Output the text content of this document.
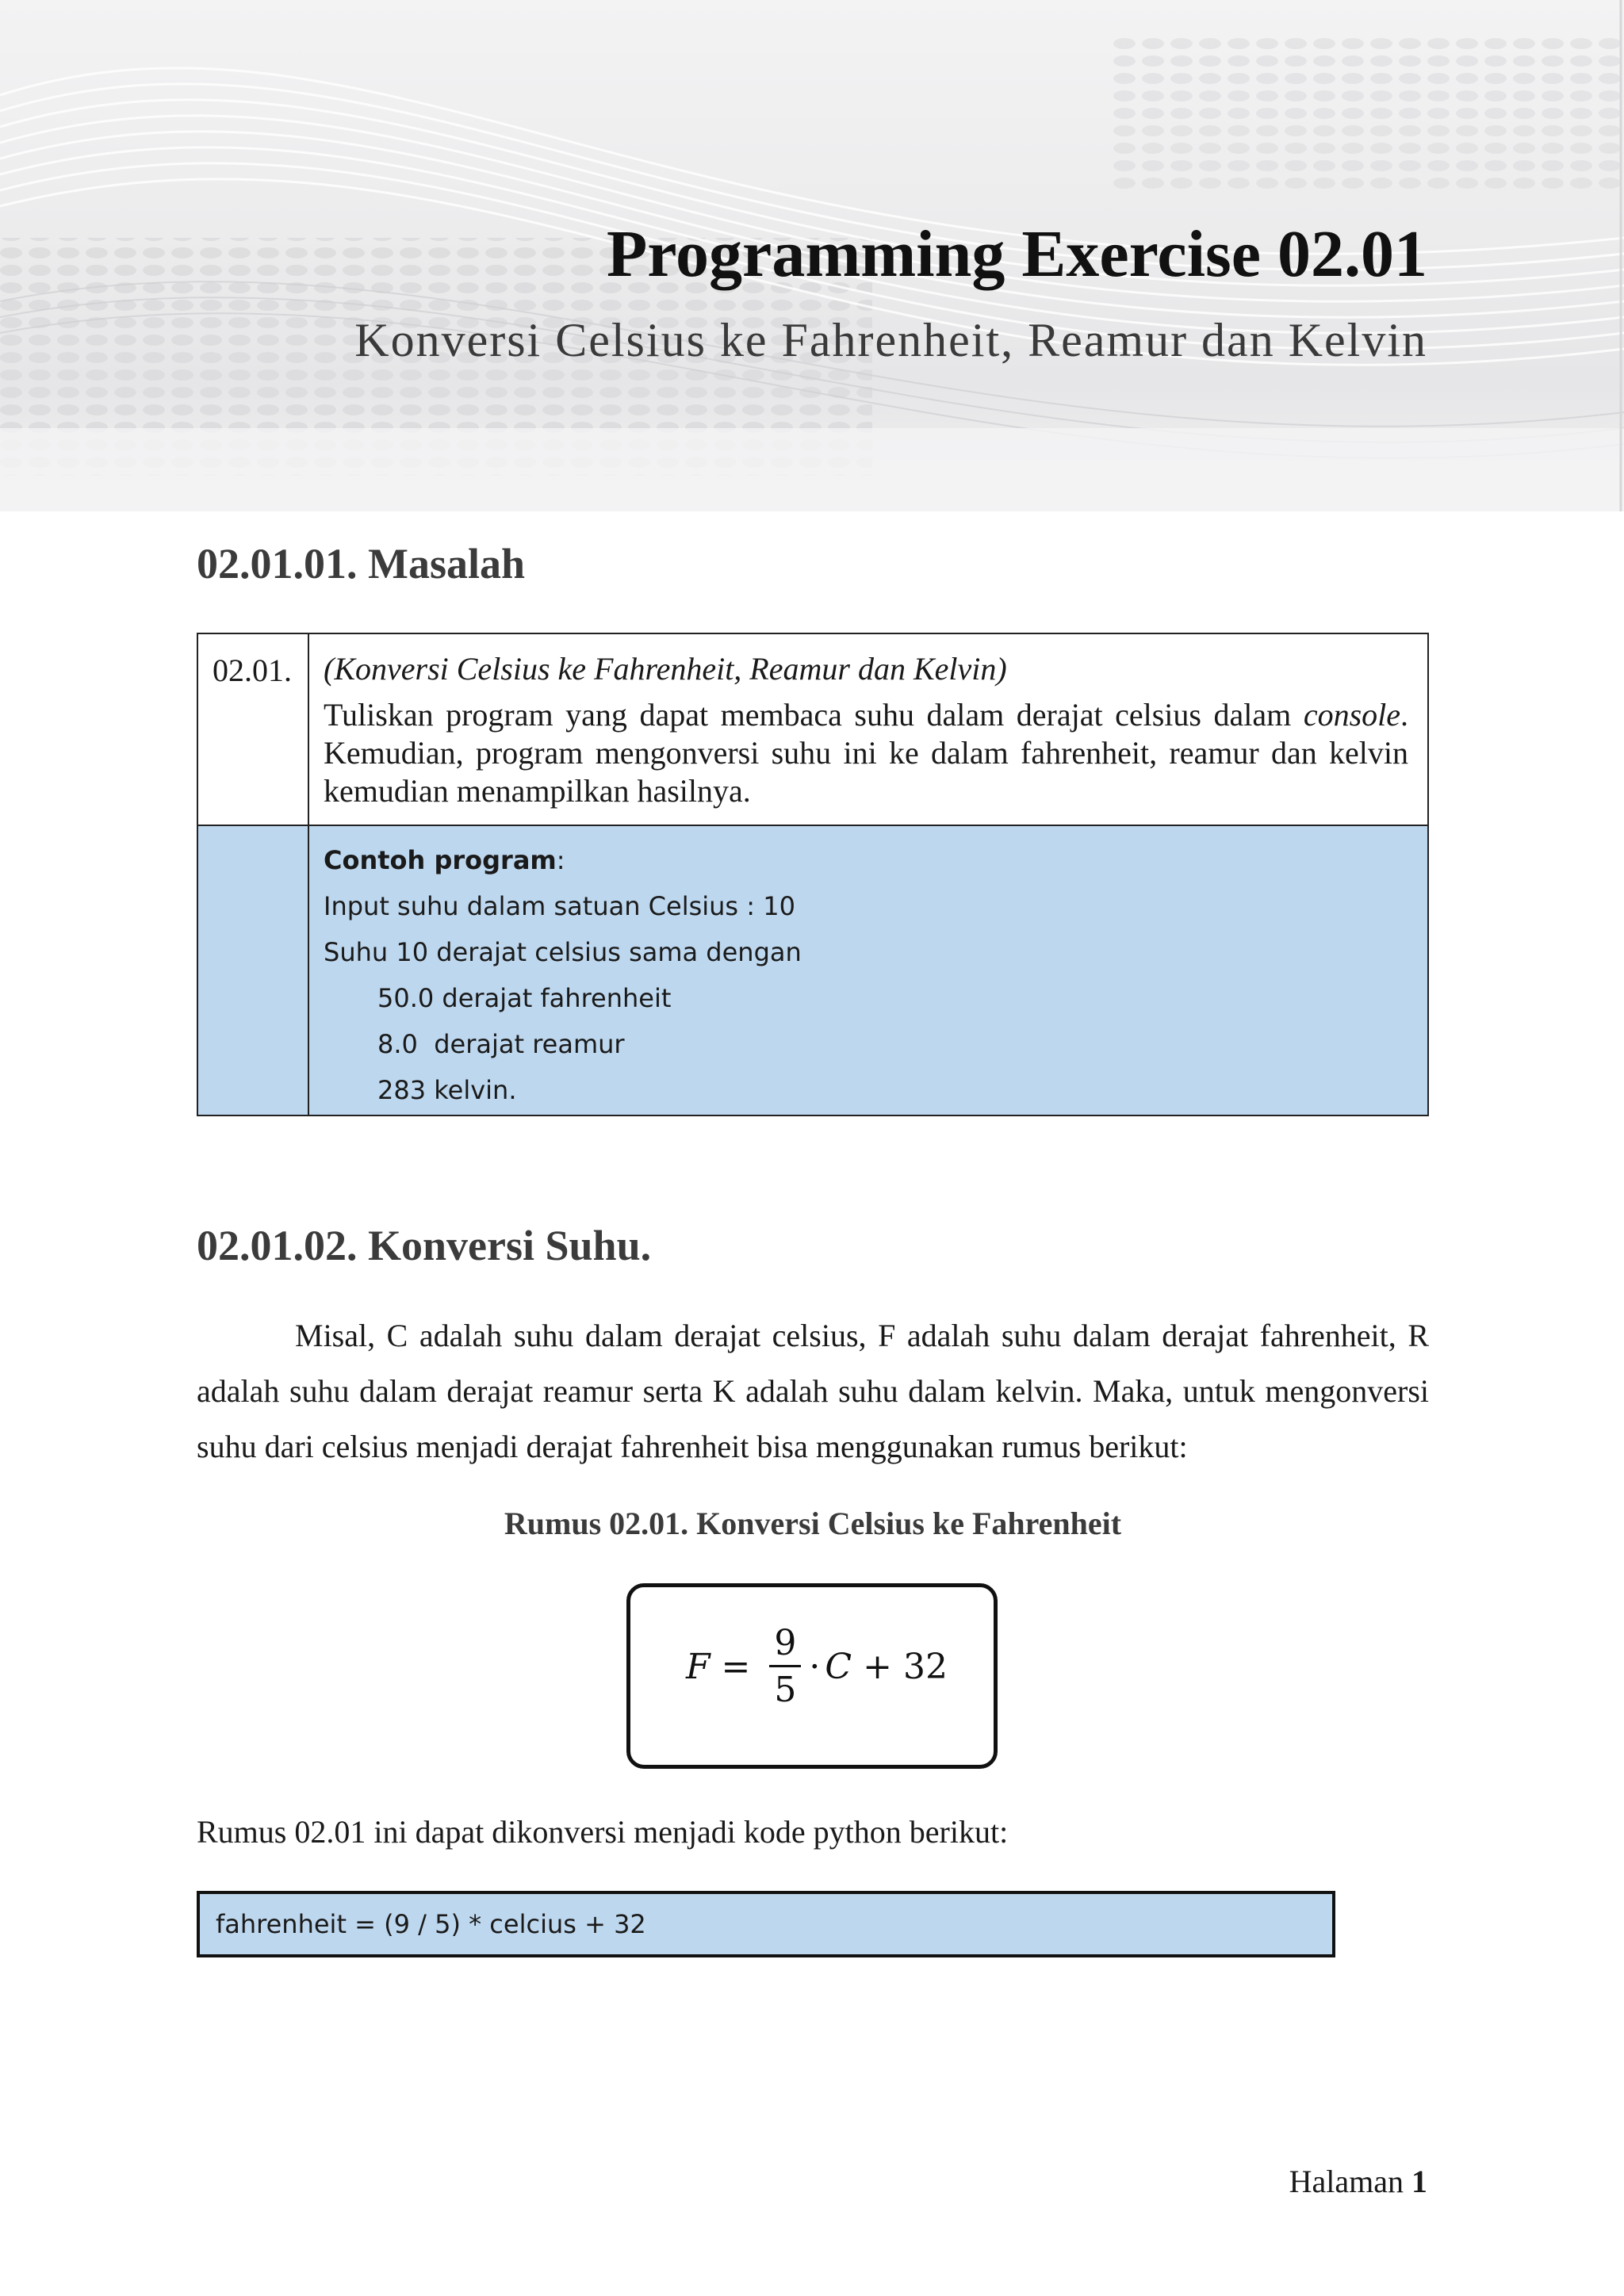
Programming Exercise 02.01
Konversi Celsius ke Fahrenheit, Reamur dan Kelvin
02.01.01. Masalah
02.01.	(Konversi Celsius ke Fahrenheit, Reamur dan Kelvin)

Tuliskan program yang dapat membaca suhu dalam derajat celsius dalam console. Kemudian, program mengonversi suhu ini ke dalam fahrenheit, reamur dan kelvin kemudian menampilkan hasilnya.

Contoh program:
Input suhu dalam satuan Celsius : 10
Suhu 10 derajat celsius sama dengan
50.0 derajat fahrenheit
8.0  derajat reamur
283 kelvin.
02.01.02. Konversi Suhu.

Misal, C adalah suhu dalam derajat celsius, F adalah suhu dalam derajat fahrenheit, R adalah suhu dalam derajat reamur serta K adalah suhu dalam kelvin. Maka, untuk mengonversi suhu dari celsius menjadi derajat fahrenheit bisa menggunakan rumus berikut:

Rumus 02.01. Konversi Celsius ke Fahrenheit

$F = \frac{9}{5} \cdot C + 32$

Rumus 02.01 ini dapat dikonversi menjadi kode python berikut:

fahrenheit = (9 / 5) * celcius + 32

Halaman 1
